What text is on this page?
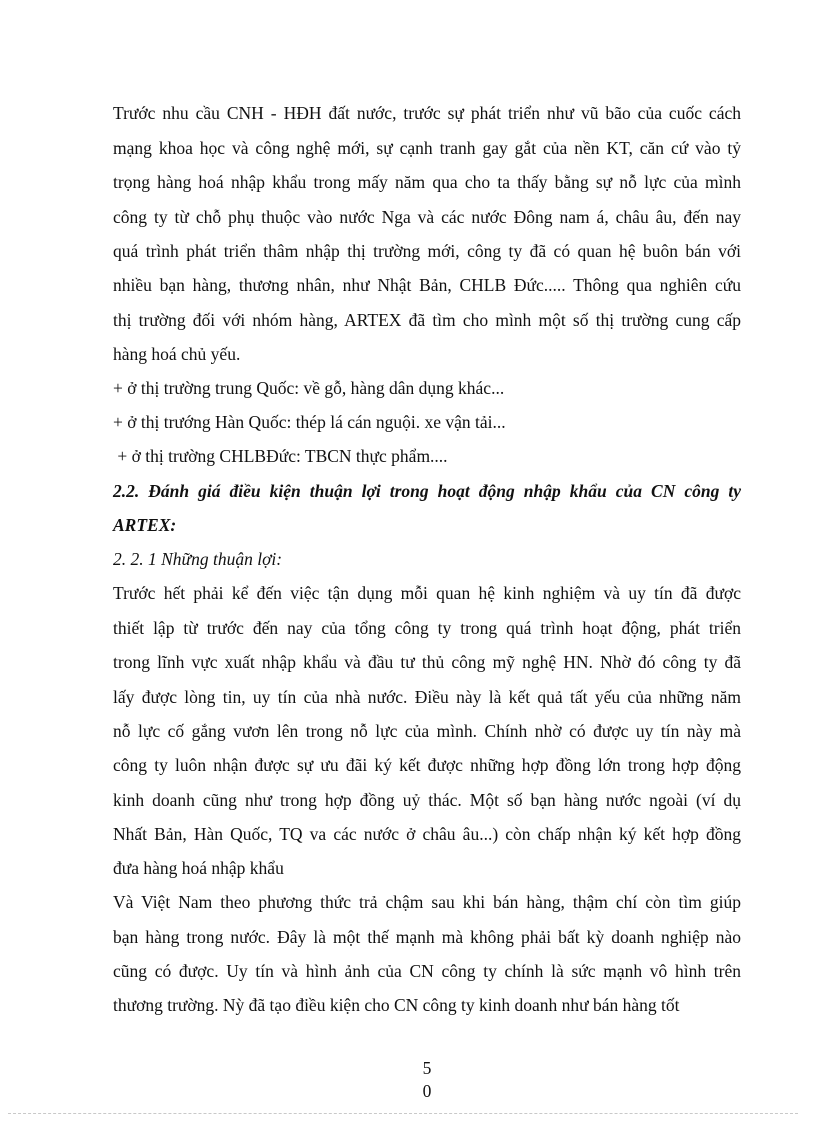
Trước nhu cầu CNH - HĐH đất nước, trước sự phát triển như vũ bão của cuốc cách
mạng khoa học và công nghệ mới, sự cạnh tranh gay gắt của nền KT, căn cứ vào tỷ
trọng hàng hoá nhập khẩu trong mấy năm qua cho ta thấy bằng sự nỗ lực của mình
công ty từ chỗ phụ thuộc vào nước Nga và các nước Đông nam á, châu âu, đến nay
quá trình phát triển thâm nhập thị trường mới, công ty đã có quan hệ buôn bán với
nhiều bạn hàng, thương nhân, như Nhật Bản, CHLB Đức..... Thông qua nghiên cứu
thị trường đối với nhóm hàng, ARTEX đã tìm cho mình một số thị trường cung cấp
hàng hoá chủ yếu.
+ ở thị trường trung Quốc: về gỗ, hàng dân dụng khác...
+ ở thị trướng Hàn Quốc: thép lá cán nguội. xe vận tải...
+ ở thị trường CHLBĐức: TBCN thực phẩm....
2.2. Đánh giá điều kiện thuận lợi trong hoạt động nhập khẩu của CN công ty
ARTEX:
2. 2. 1 Những thuận lợi:
Trước hết phải kể đến việc tận dụng mỗi quan hệ kinh nghiệm và uy tín đã được
thiết lập từ trước đến nay của tổng công ty trong quá trình hoạt động, phát triển
trong lĩnh vực xuất nhập khẩu và đầu tư thủ công mỹ nghệ HN. Nhờ đó công ty đã
lấy được lòng tin, uy tín của nhà nước. Điều này là kết quả tất yếu của những năm
nỗ lực cố gắng vươn lên trong nỗ lực của mình. Chính nhờ có được uy tín này mà
công ty luôn nhận được sự ưu đãi ký kết được những hợp đồng lớn trong hợp động
kinh doanh cũng như trong hợp đồng uỷ thác. Một số bạn hàng nước ngoài (ví dụ
Nhất Bản, Hàn Quốc, TQ va các nước ở châu âu...) còn chấp nhận ký kết hợp đồng
đưa hàng hoá nhập khẩu
Và Việt Nam theo phương thức trả chậm sau khi bán hàng, thậm chí còn tìm giúp
bạn hàng trong nước. Đây là một thế mạnh mà không phải bất kỳ doanh nghiệp nào
cũng có được. Uy tín và hình ảnh của CN công ty chính là sức mạnh vô hình trên
thương trường. Nỳ đã tạo điều kiện cho CN công ty kinh doanh như bán hàng tốt
5
0
